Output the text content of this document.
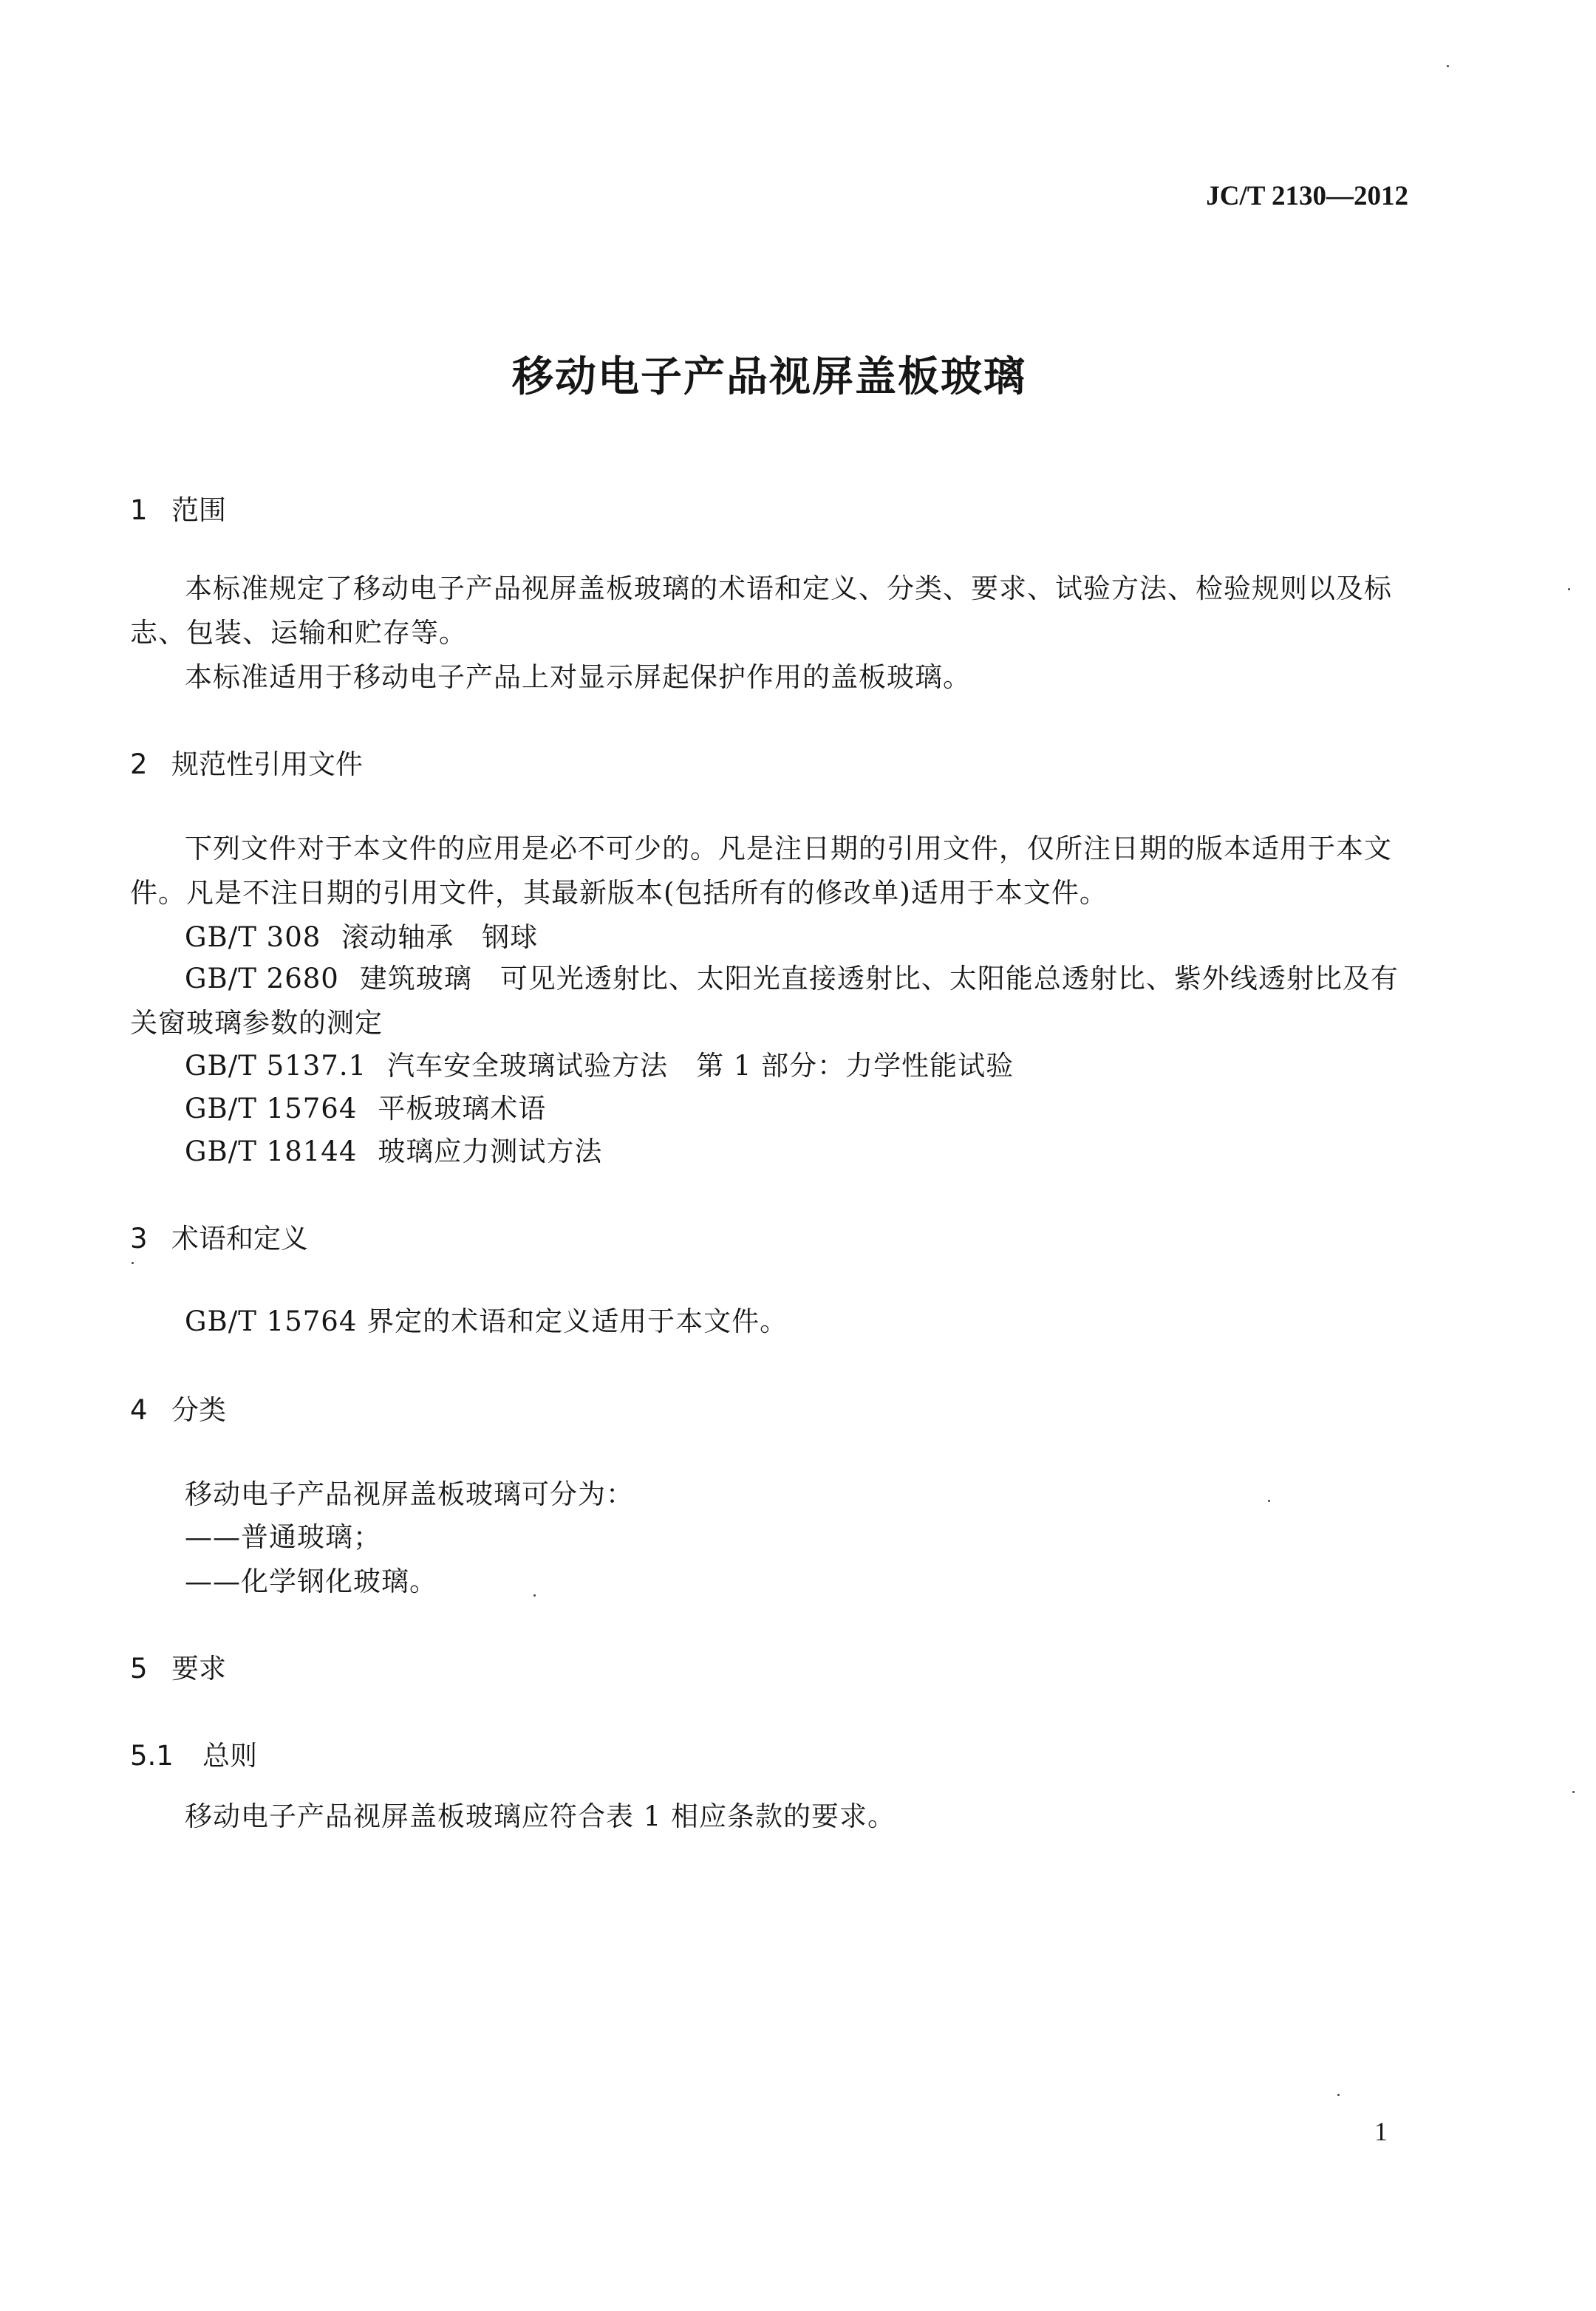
JC/T 2130—2012

移动电子产品视屏盖板玻璃
1 范围

本标准规定了移动电子产品视屏盖板玻璃的术语和定义、分类、要求、试验方法、检验规则以及标

志、包装、运输和贮存等。

本标准适用于移动电子产品上对显示屏起保护作用的盖板玻璃。

2 规范性引用文件

下列文件对于本文件的应用是必不可少的。凡是注日期的引用文件，仅所注日期的版本适用于本文

件。凡是不注日期的引用文件，其最新版本(包括所有的修改单)适用于本文件。

GB/T 308 滚动轴承　钢球

GB/T 2680 建筑玻璃　可见光透射比、太阳光直接透射比、太阳能总透射比、紫外线透射比及有

关窗玻璃参数的测定

GB/T 5137.1 汽车安全玻璃试验方法　第 1 部分：力学性能试验

GB/T 15764 平板玻璃术语

GB/T 18144 玻璃应力测试方法

3 术语和定义

GB/T 15764 界定的术语和定义适用于本文件。

4 分类

移动电子产品视屏盖板玻璃可分为：

——普通玻璃；

——化学钢化玻璃。

5 要求
5.1 总则

移动电子产品视屏盖板玻璃应符合表 1 相应条款的要求。

1
